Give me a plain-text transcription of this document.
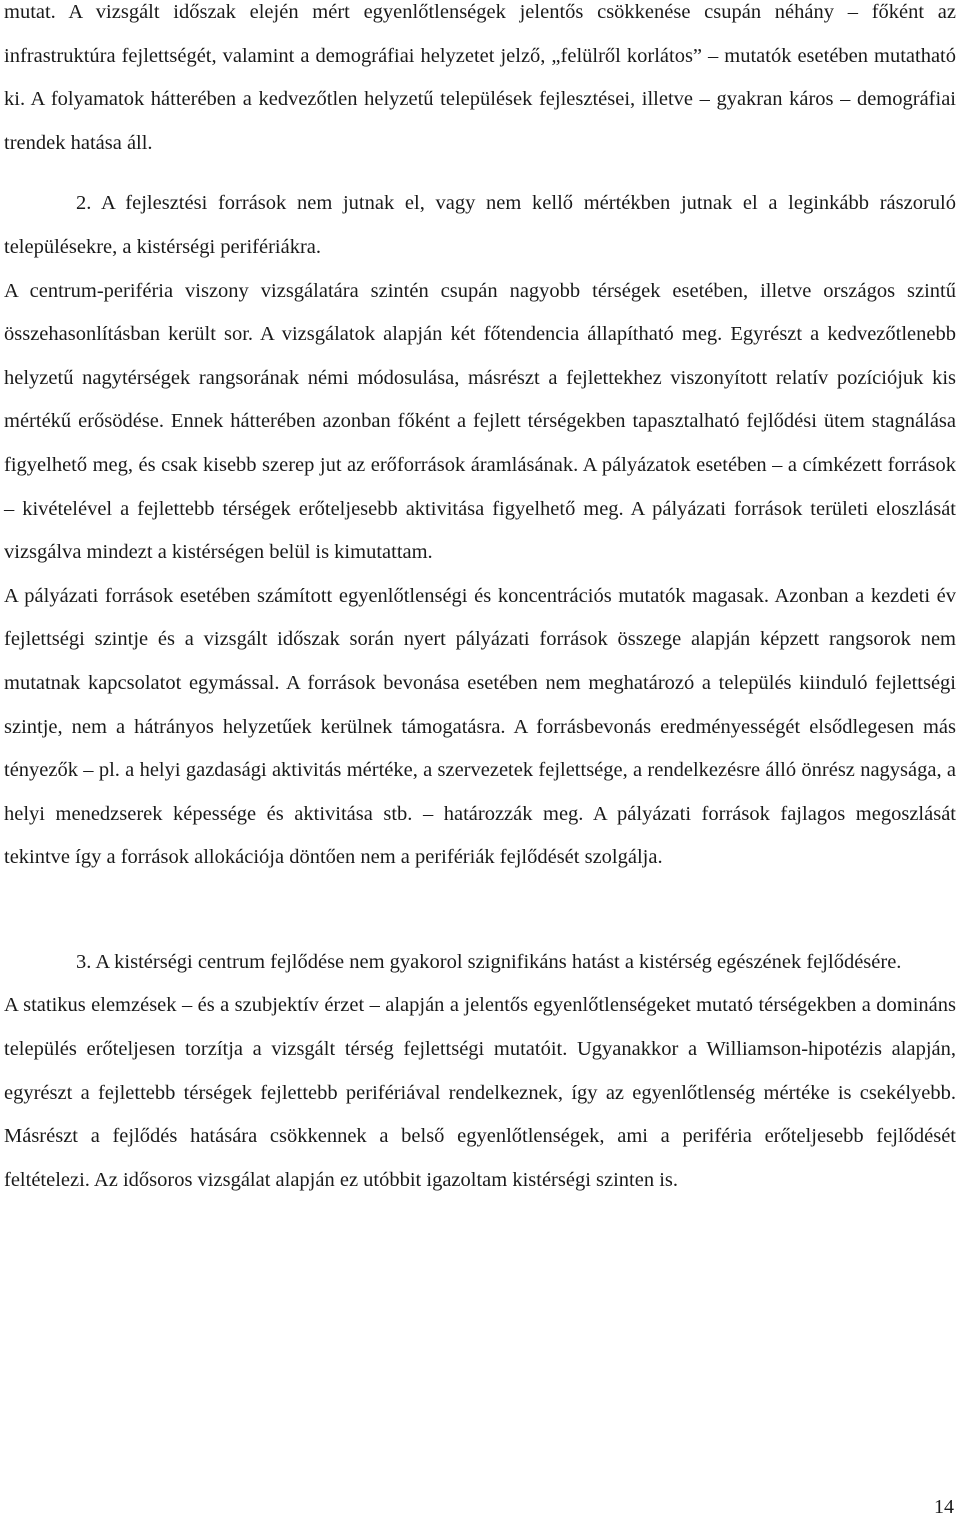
mutat. A vizsgált időszak elején mért egyenlőtlenségek jelentős csökkenése csupán néhány – főként az infrastruktúra fejlettségét, valamint a demográfiai helyzetet jelző, „felülről korlátos” – mutatók esetében mutatható ki. A folyamatok hátterében a kedvezőtlen helyzetű települések fejlesztései, illetve – gyakran káros – demográfiai trendek hatása áll.

2. A fejlesztési források nem jutnak el, vagy nem kellő mértékben jutnak el a leginkább rászoruló településekre, a kistérségi perifériákra.

A centrum-periféria viszony vizsgálatára szintén csupán nagyobb térségek esetében, illetve országos szintű összehasonlításban került sor. A vizsgálatok alapján két főtendencia állapítható meg. Egyrészt a kedvezőtlenebb helyzetű nagytérségek rangsorának némi módosulása, másrészt a fejlettekhez viszonyított relatív pozíciójuk kis mértékű erősödése. Ennek hátterében azonban főként a fejlett térségekben tapasztalható fejlődési ütem stagnálása figyelhető meg, és csak kisebb szerep jut az erőforrások áramlásának. A pályázatok esetében – a címkézett források – kivételével a fejlettebb térségek erőteljesebb aktivitása figyelhető meg. A pályázati források területi eloszlását vizsgálva mindezt a kistérségen belül is kimutattam.

A pályázati források esetében számított egyenlőtlenségi és koncentrációs mutatók magasak. Azonban a kezdeti év fejlettségi szintje és a vizsgált időszak során nyert pályázati források összege alapján képzett rangsorok nem mutatnak kapcsolatot egymással. A források bevonása esetében nem meghatározó a település kiinduló fejlettségi szintje, nem a hátrányos helyzetűek kerülnek támogatásra. A forrásbevonás eredményességét elsődlegesen más tényezők – pl. a helyi gazdasági aktivitás mértéke, a szervezetek fejlettsége, a rendelkezésre álló önrész nagysága, a helyi menedzserek képessége és aktivitása stb. – határozzák meg. A pályázati források fajlagos megoszlását tekintve így a források allokációja döntően nem a perifériák fejlődését szolgálja.

3. A kistérségi centrum fejlődése nem gyakorol szignifikáns hatást a kistérség egészének fejlődésére.

A statikus elemzések – és a szubjektív érzet – alapján a jelentős egyenlőtlenségeket mutató térségekben a domináns település erőteljesen torzítja a vizsgált térség fejlettségi mutatóit. Ugyanakkor a Williamson-hipotézis alapján, egyrészt a fejlettebb térségek fejlettebb perifériával rendelkeznek, így az egyenlőtlenség mértéke is csekélyebb. Másrészt a fejlődés hatására csökkennek a belső egyenlőtlenségek, ami a periféria erőteljesebb fejlődését feltételezi. Az idősoros vizsgálat alapján ez utóbbit igazoltam kistérségi szinten is.

14
